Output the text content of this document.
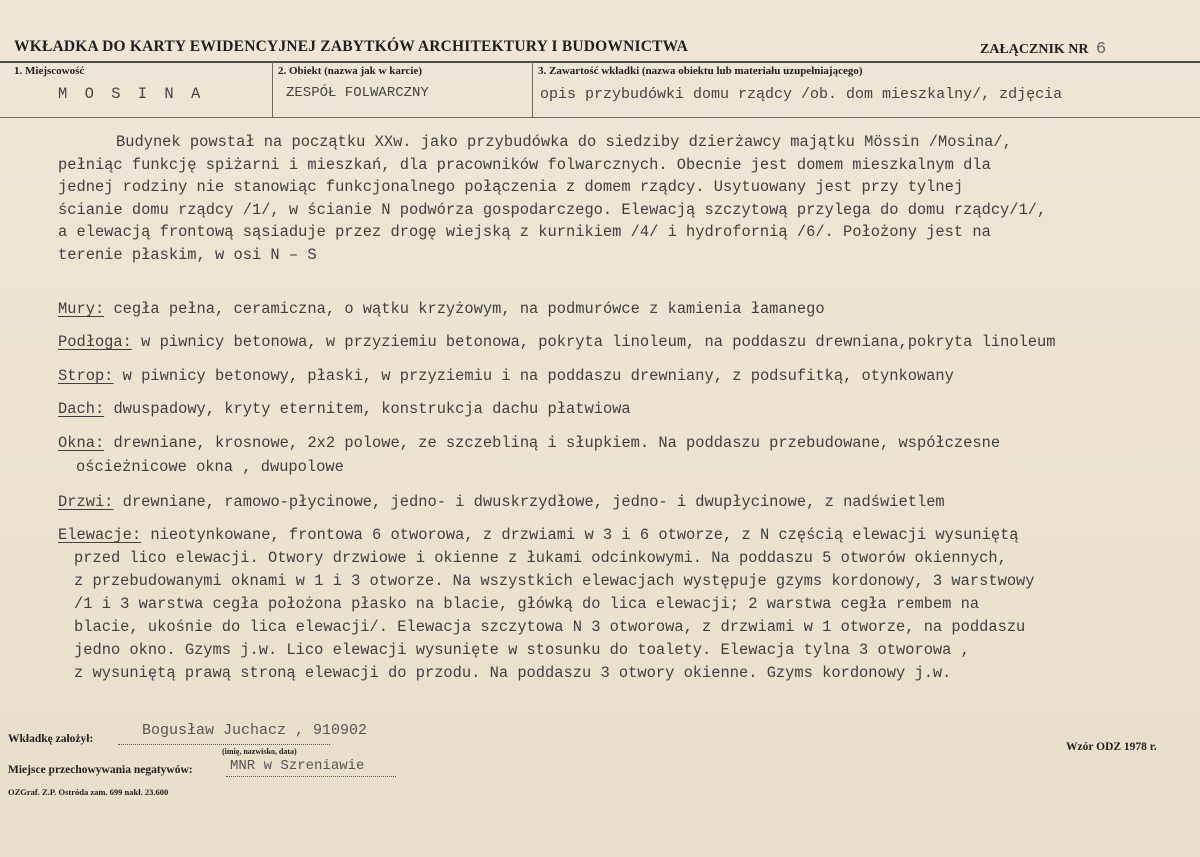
WKŁADKA DO KARTY EWIDENCYJNEJ ZABYTKÓW ARCHITEKTURY I BUDOWNICTWA	ZAŁĄCZNIK NR 6
1. Miejscowość
M O S I N A
2. Obiekt (nazwa jak w karcie)
ZESPÓŁ FOLWARCZNY
3. Zawartość wkładki (nazwa obiektu lub materiału uzupełniającego)
opis przybudówki domu rządcy /ob. dom mieszkalny/, zdjęcia
Budynek powstał na początku XXw. jako przybudówka do siedziby dzierżawcy majątku Mössin /Mosina/,
pełniąc funkcję spiżarni i mieszkań, dla pracowników folwarcznych. Obecnie jest domem mieszkalnym dla
jednej rodziny nie stanowiąc funkcjonalnego połączenia z domem rządcy. Usytuowany jest przy tylnej
ścianie domu rządcy /1/, w ścianie N podwórza gospodarczego. Elewacją szczytową przylega do domu rządcy/1/,
a elewacją frontową sąsiaduje przez drogę wiejską z kurnikiem /4/ i hydrofornią /6/. Położony jest na
terenie płaskim, w osi N – S
Mury: cegła pełna, ceramiczna, o wątku krzyżowym, na podmurówce z kamienia łamanego
Podłoga: w piwnicy betonowa, w przyziemiu betonowa, pokryta linoleum, na poddaszu drewniana,pokryta linoleum
Strop: w piwnicy betonowy, płaski, w przyziemiu i na poddaszu drewniany, z podsufitką, otynkowany
Dach: dwuspadowy, kryty eternitem, konstrukcja dachu płatwiowa
Okna: drewniane, krosnowe, 2x2 polowe, ze szczebliną i słupkiem. Na poddaszu przebudowane, współczesne
ościeżnicowe okna , dwupolowe
Drzwi: drewniane, ramowo-płycinowe, jedno- i dwuskrzydłowe, jedno- i dwupłycinowe, z nadświetlem
Elewacje: nieotynkowane, frontowa 6 otworowa, z drzwiami w 3 i 6 otworze, z N częścią elewacji wysuniętą
przed lico elewacji. Otwory drzwiowe i okienne z łukami odcinkowymi. Na poddaszu 5 otworów okiennych,
z przebudowanymi oknami w 1 i 3 otworze. Na wszystkich elewacjach występuje gzyms kordonowy, 3 warstwowy
/1 i 3 warstwa cegła położona płasko na blacie, główką do lica elewacji; 2 warstwa cegła rembem na
blacie, ukośnie do lica elewacji/. Elewacja szczytowa N 3 otworowa, z drzwiami w 1 otworze, na poddaszu
jedno okno. Gzyms j.w. Lico elewacji wysunięte w stosunku do toalety. Elewacja tylna 3 otworowa ,
z wysuniętą prawą stroną elewacji do przodu. Na poddaszu 3 otwory okienne. Gzyms kordonowy j.w.
Wkładkę założył:	Bogusław Juchacz , 910902
(imię, nazwisko, data)	Wzór ODZ 1978 r.
Miejsce przechowywania negatywów:	MNR w Szreniawie
OZGraf. Z.P. Ostróda zam. 699 nakł. 23.600
